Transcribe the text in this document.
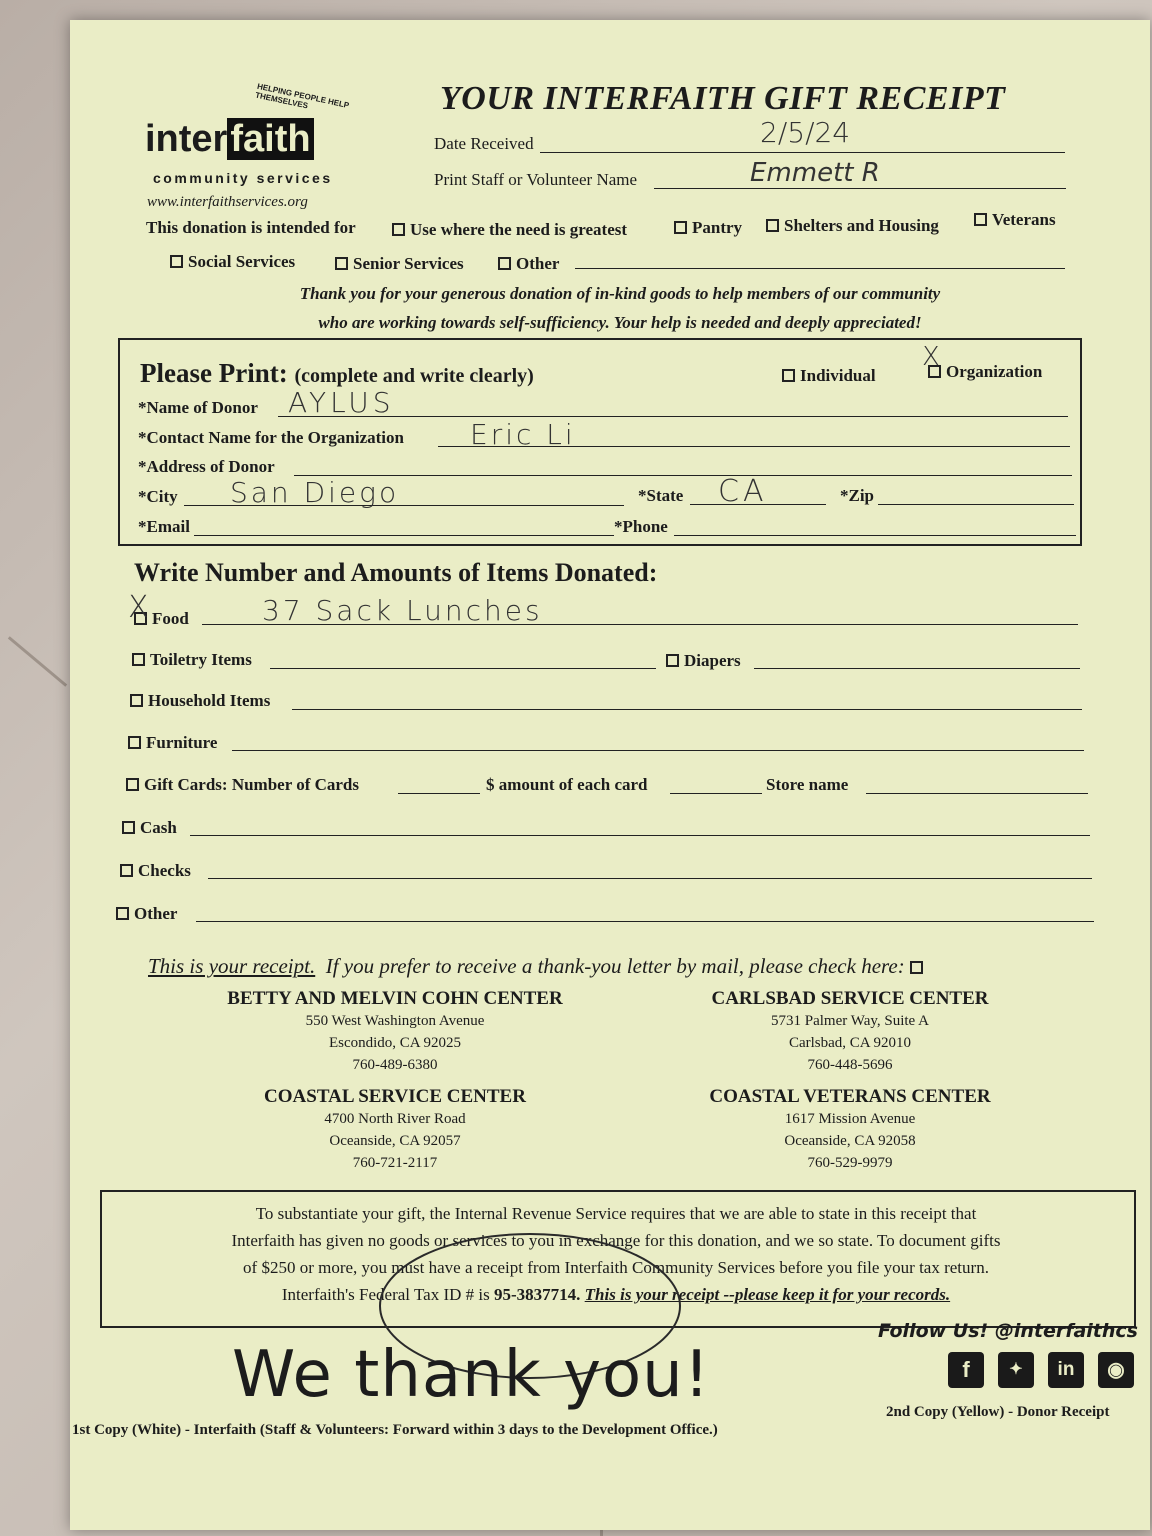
HELPING PEOPLE HELP THEMSELVES
interfaith
community services
www.interfaithservices.org
YOUR INTERFAITH GIFT RECEIPT
Date Received	2/5/24
Print Staff or Volunteer Name	Emmett R
This donation is intended for	Use where the need is greatest	Pantry	Shelters and Housing	Veterans
Social Services	Senior Services	Other
Thank you for your generous donation of in-kind goods to help members of our community
who are working towards self-sufficiency. Your help is needed and deeply appreciated!
Please Print: (complete and write clearly)	Individual	Organization
X
*Name of Donor AYLUS
*Contact Name for the Organization Eric Li
*Address of Donor
*City San Diego	*State CA	*Zip
*Email	*Phone
Write Number and Amounts of Items Donated:
Food
X	37 Sack Lunches
Toiletry Items	Diapers
Household Items
Furniture
Gift Cards: Number of Cards	$ amount of each card	Store name
Cash
Checks
Other
This is your receipt. If you prefer to receive a thank-you letter by mail, please check here:
BETTY AND MELVIN COHN CENTER
550 West Washington Avenue
Escondido, CA 92025
760-489-6380
CARLSBAD SERVICE CENTER
5731 Palmer Way, Suite A
Carlsbad, CA 92010
760-448-5696
COASTAL SERVICE CENTER
4700 North River Road
Oceanside, CA 92057
760-721-2117
COASTAL VETERANS CENTER
1617 Mission Avenue
Oceanside, CA 92058
760-529-9979
To substantiate your gift, the Internal Revenue Service requires that we are able to state in this receipt that
Interfaith has given no goods or services to you in exchange for this donation, and we so state. To document gifts
of $250 or more, you must have a receipt from Interfaith Community Services before you file your tax return.
Interfaith's Federal Tax ID # is 95-3837714. This is your receipt --please keep it for your records.
We thank you!
Follow Us! @interfaithcs
f	✦	in	◉
1st Copy (White) - Interfaith (Staff & Volunteers: Forward within 3 days to the Development Office.)
2nd Copy (Yellow) - Donor Receipt
